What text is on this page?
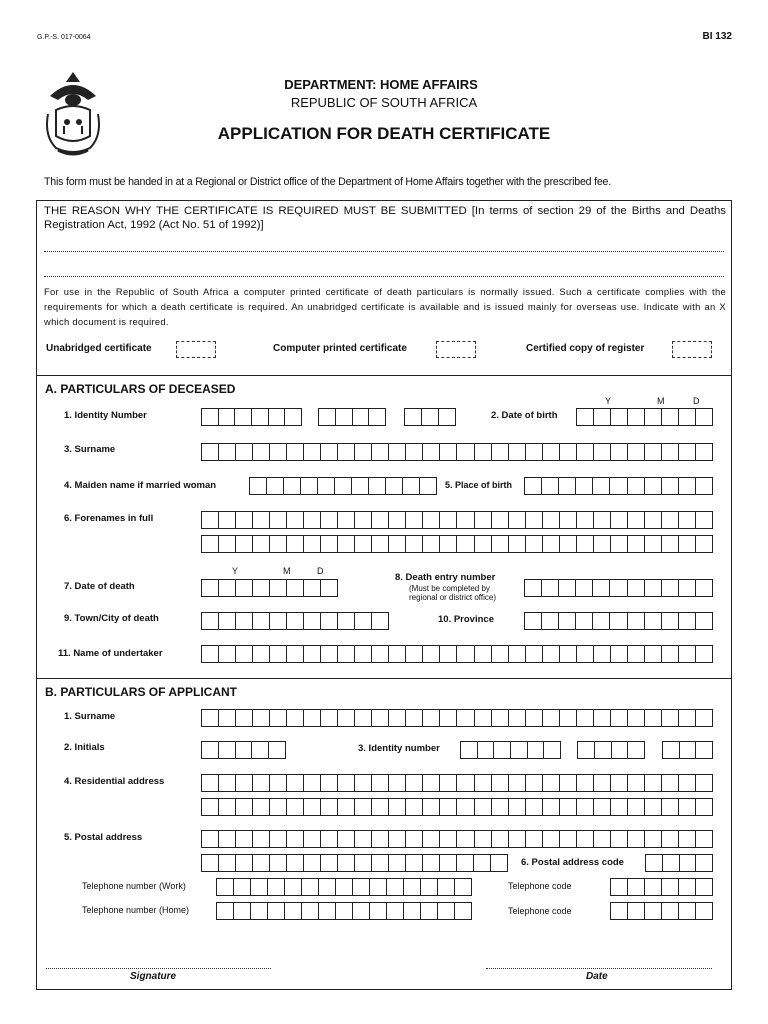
G.P.-S. 017-0064	BI 132
DEPARTMENT: HOME AFFAIRS
REPUBLIC OF SOUTH AFRICA
APPLICATION FOR DEATH CERTIFICATE
This form must be handed in at a Regional or District office of the Department of Home Affairs together with the prescribed fee.
THE REASON WHY THE CERTIFICATE IS REQUIRED MUST BE SUBMITTED [In terms of section 29 of the Births and Deaths Registration Act, 1992 (Act No. 51 of 1992)]
For use in the Republic of South Africa a computer printed certificate of death particulars is normally issued. Such a certificate complies with the requirements for which a death certificate is required. An unabridged certificate is available and is issued mainly for overseas use. Indicate with an X which document is required.
Unabridged certificate	Computer printed certificate	Certified copy of register
A. PARTICULARS OF DECEASED
Y	M	D
1. Identity Number	2. Date of birth
3. Surname
4. Maiden name if married woman	5. Place of birth
6. Forenames in full
Y	M	D
7. Date of death
8. Death entry number
(Must be completed by
regional or district office)
9. Town/City of death	10. Province
11. Name of undertaker
B. PARTICULARS OF APPLICANT
1. Surname
2. Initials	3. Identity number
4. Residential address
5. Postal address
6. Postal address code
Telephone number (Work)	Telephone code
Telephone number (Home)	Telephone code
Signature	Date
